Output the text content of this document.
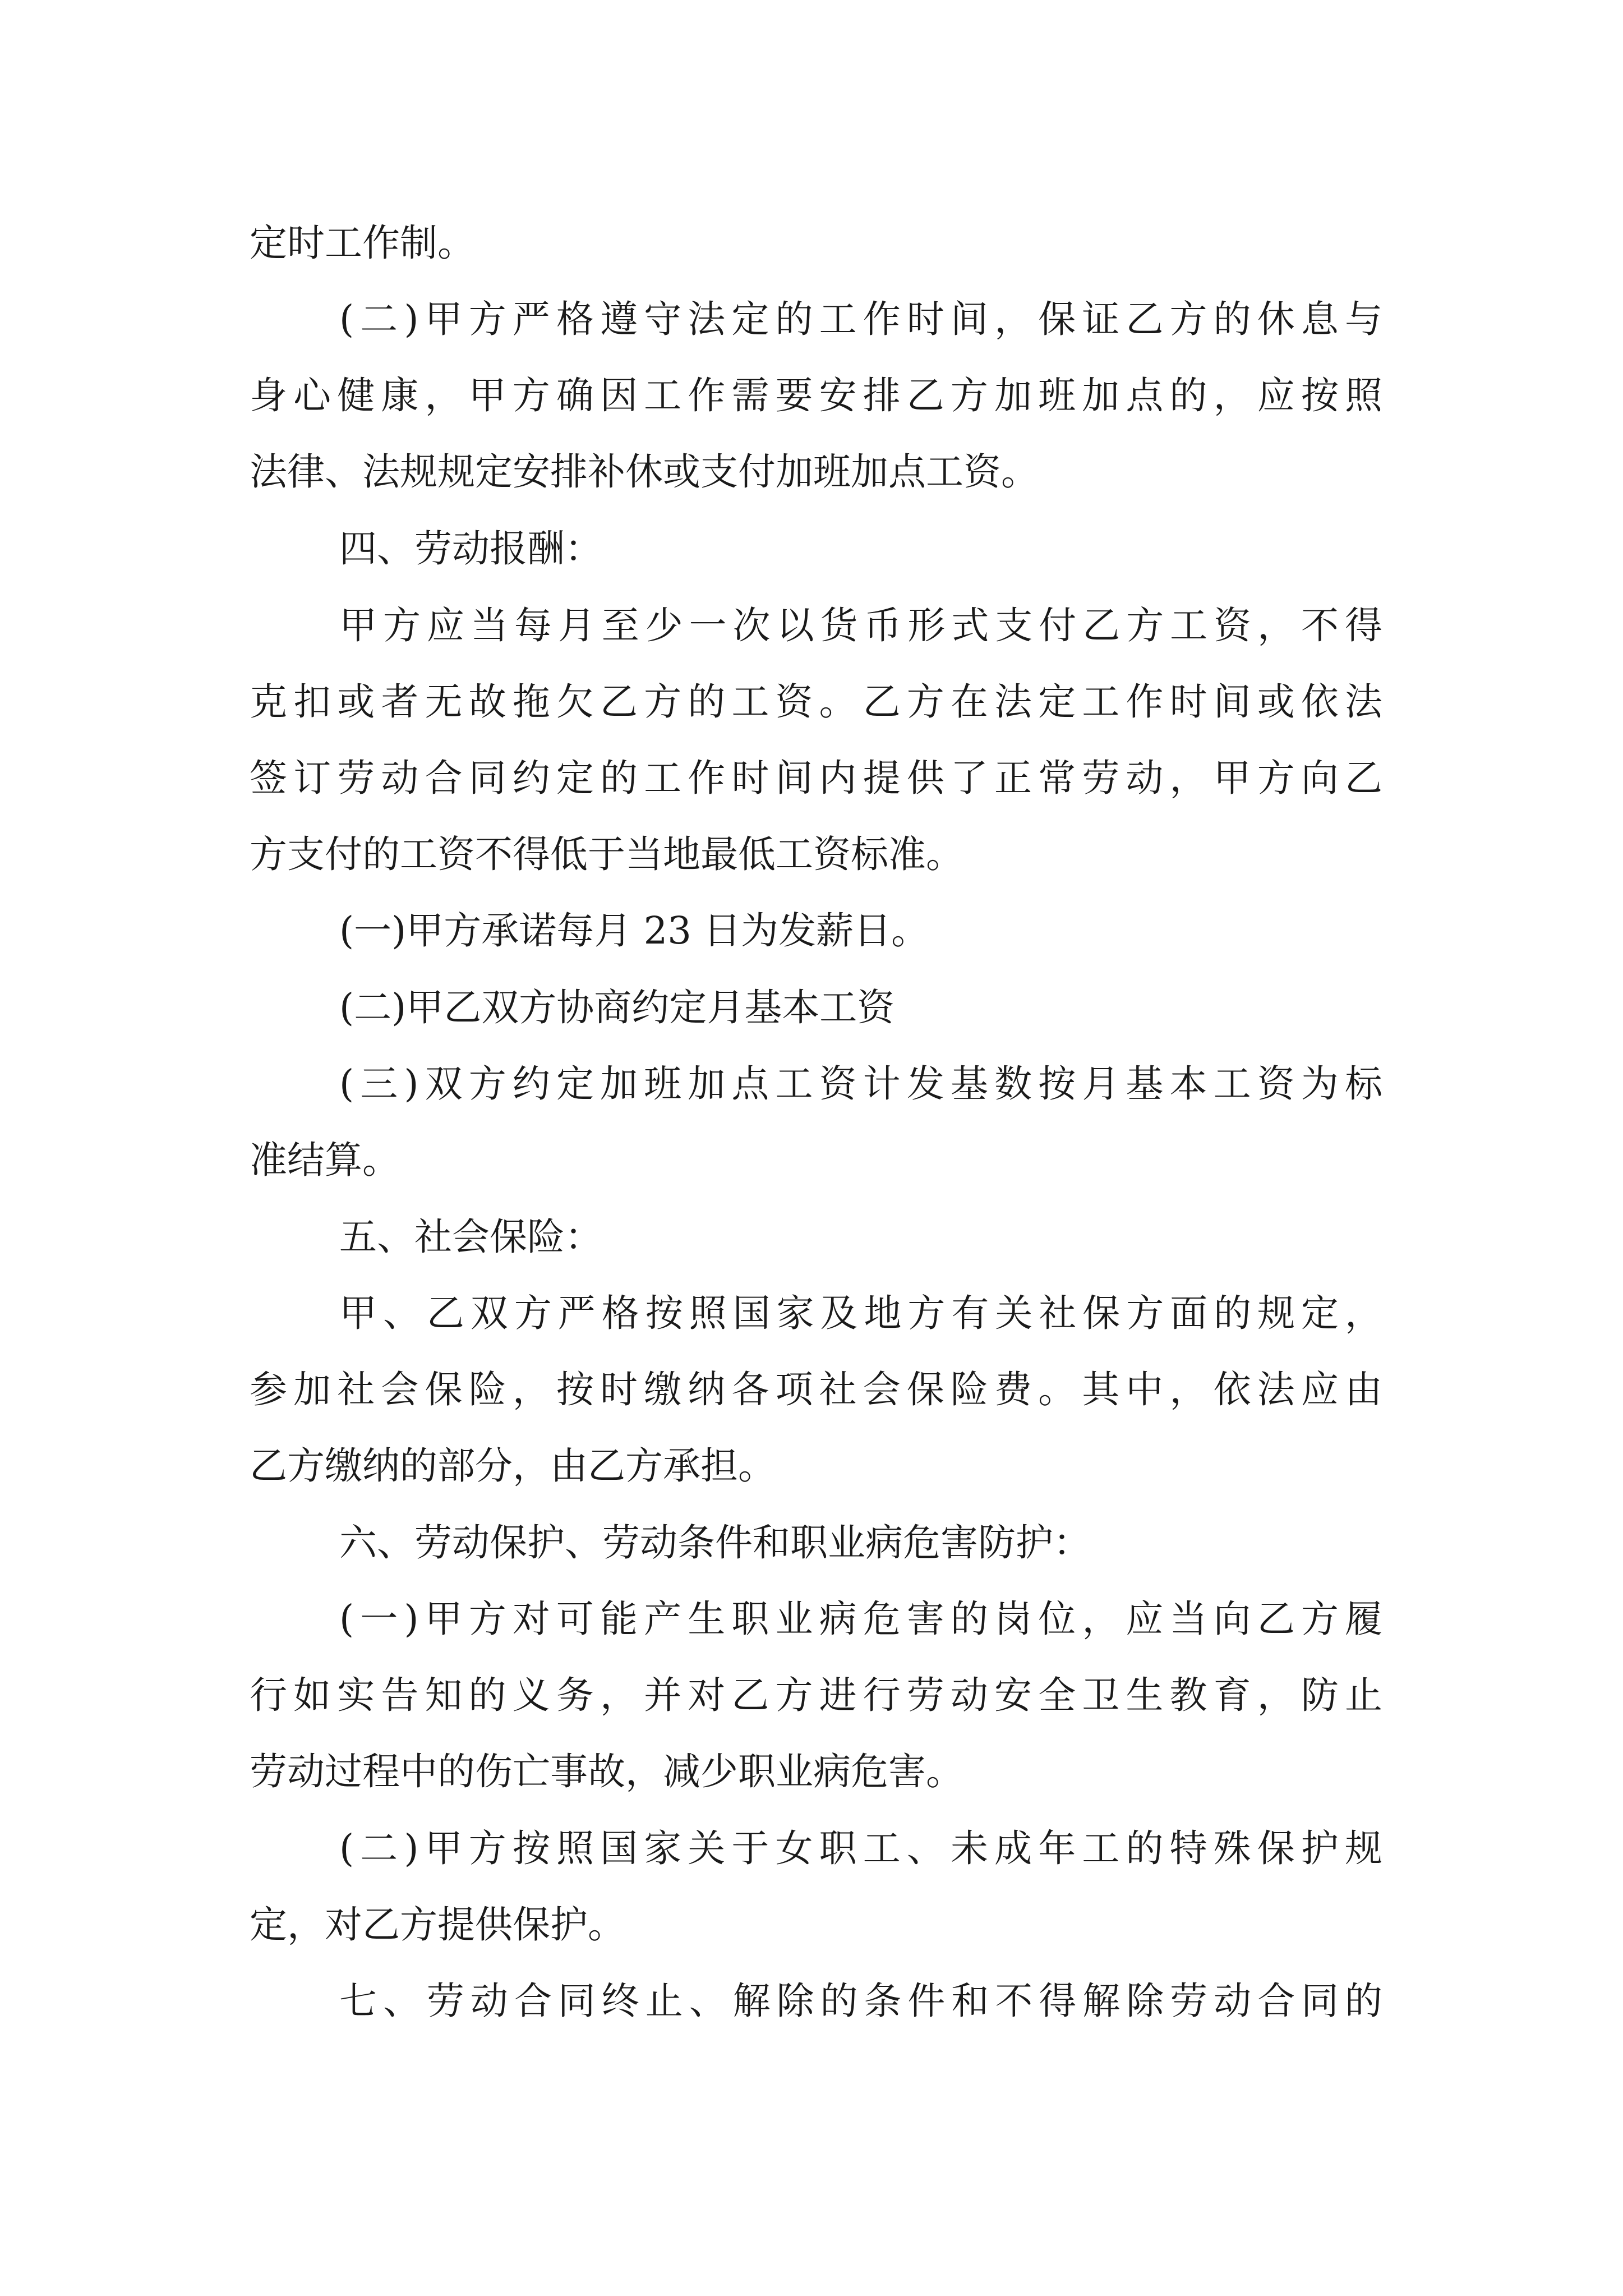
定时工作制。

(二)甲方严格遵守法定的工作时间，保证乙方的休息与

身心健康，甲方确因工作需要安排乙方加班加点的，应按照

法律、法规规定安排补休或支付加班加点工资。

四、劳动报酬：

甲方应当每月至少一次以货币形式支付乙方工资，不得

克扣或者无故拖欠乙方的工资。乙方在法定工作时间或依法

签订劳动合同约定的工作时间内提供了正常劳动，甲方向乙

方支付的工资不得低于当地最低工资标准。

(一)甲方承诺每月 23 日为发薪日。

(二)甲乙双方协商约定月基本工资

(三)双方约定加班加点工资计发基数按月基本工资为标

准结算。

五、社会保险：

甲、乙双方严格按照国家及地方有关社保方面的规定，

参加社会保险，按时缴纳各项社会保险费。其中，依法应由

乙方缴纳的部分，由乙方承担。

六、劳动保护、劳动条件和职业病危害防护：

(一)甲方对可能产生职业病危害的岗位，应当向乙方履

行如实告知的义务，并对乙方进行劳动安全卫生教育，防止

劳动过程中的伤亡事故，减少职业病危害。

(二)甲方按照国家关于女职工、未成年工的特殊保护规

定，对乙方提供保护。

七、劳动合同终止、解除的条件和不得解除劳动合同的
